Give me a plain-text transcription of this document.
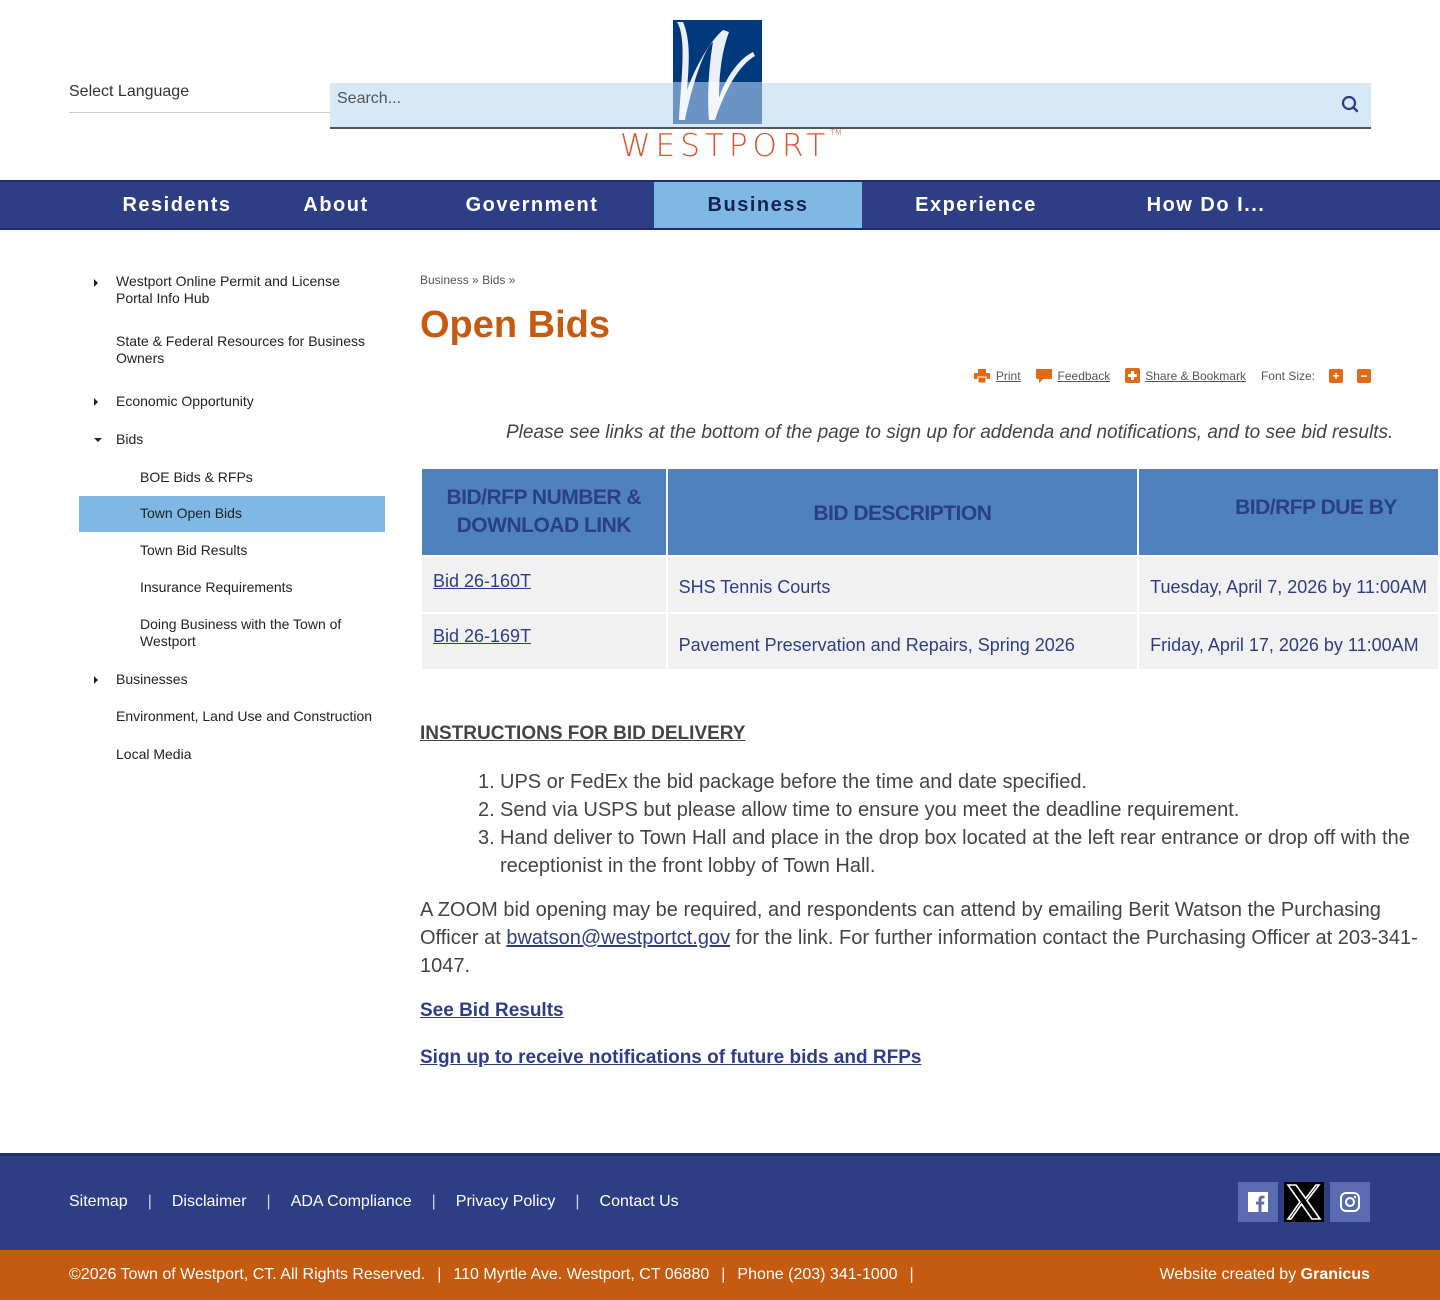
Select Language
Search...
WESTPORT™
Residents	About	Government	Business	Experience	How Do I...
Westport Online Permit and License Portal Info Hub
State & Federal Resources for Business Owners
Economic Opportunity
Bids
BOE Bids & RFPs
Town Open Bids
Town Bid Results
Insurance Requirements
Doing Business with the Town of Westport
Businesses
Environment, Land Use and Construction
Local Media
Business » Bids »
Open Bids
Print	Feedback	Share & Bookmark Font Size: + −

Please see links at the bottom of the page to sign up for addenda and notifications, and to see bid results.

BID/RFP NUMBER & DOWNLOAD LINK	BID DESCRIPTION	BID/RFP DUE BY
Bid 26-160T	SHS Tennis Courts	Tuesday, April 7, 2026 by 11:00AM
Bid 26-169T	Pavement Preservation and Repairs, Spring 2026	Friday, April 17, 2026 by 11:00AM
INSTRUCTIONS FOR BID DELIVERY
1. UPS or FedEx the bid package before the time and date specified.
2. Send via USPS but please allow time to ensure you meet the deadline requirement.
3. Hand deliver to Town Hall and place in the drop box located at the left rear entrance or drop off with the receptionist in the front lobby of Town Hall.

A ZOOM bid opening may be required, and respondents can attend by emailing Berit Watson the Purchasing Officer at bwatson@westportct.gov for the link. For further information contact the Purchasing Officer at 203-341-1047.

See Bid Results
Sign up to receive notifications of future bids and RFPs
Sitemap | Disclaimer | ADA Compliance | Privacy Policy | Contact Us
©2026 Town of Westport, CT. All Rights Reserved. | 110 Myrtle Ave. Westport, CT 06880 | Phone (203) 341-1000 |	Website created by Granicus
